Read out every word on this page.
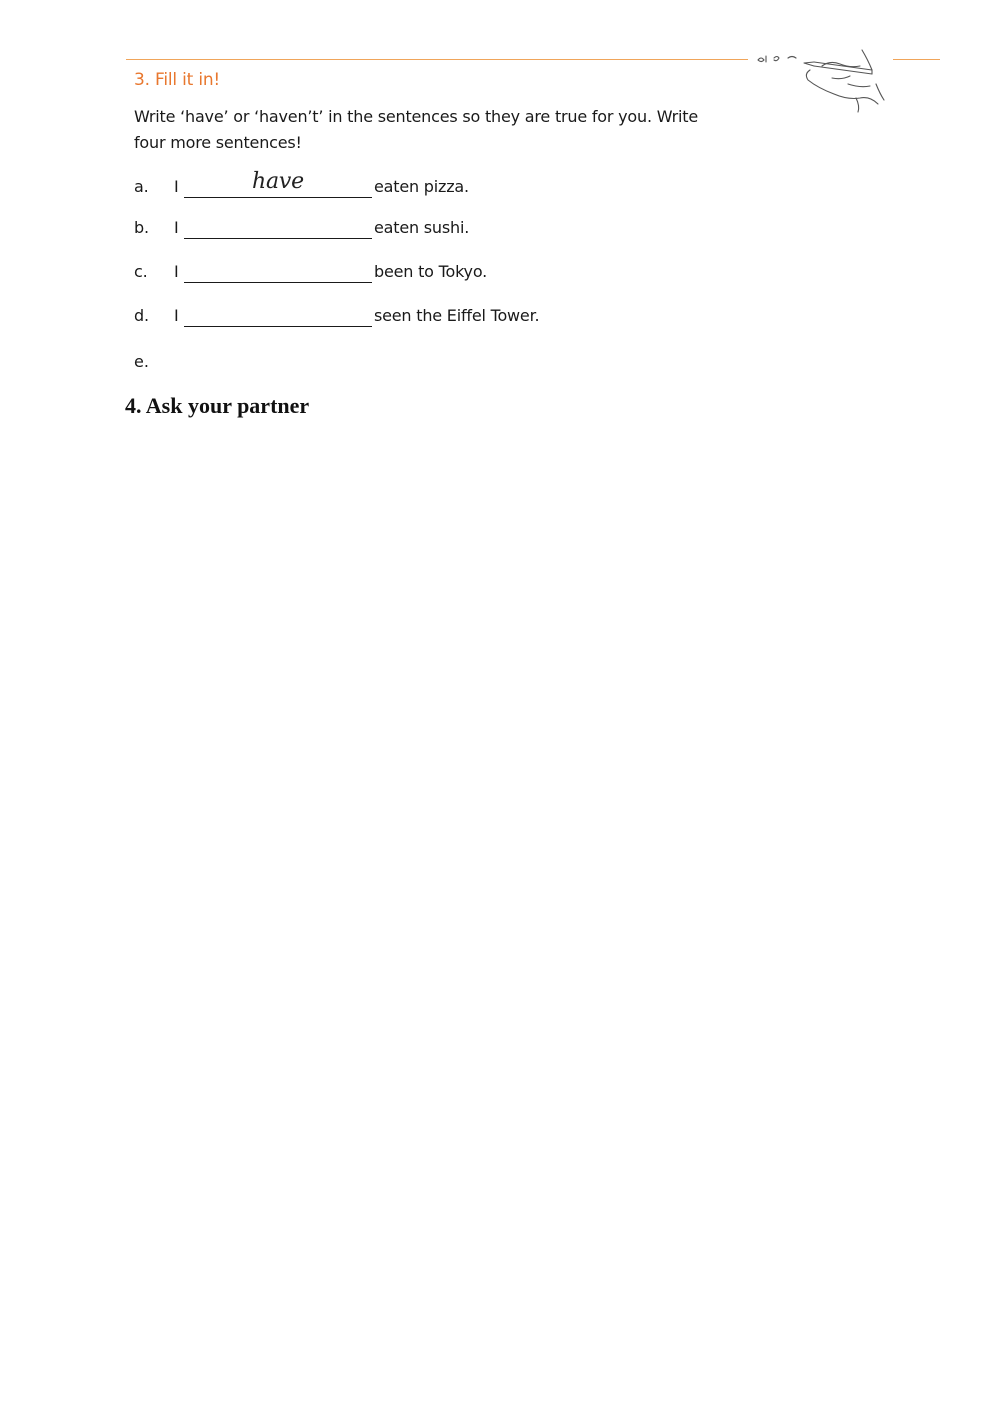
3. Fill it in!
Write ‘have’ or ‘haven’t’ in the sentences so they are true for you. Write four more sentences!
a. I	have	eaten pizza.
b. I	eaten sushi.
c. I	been to Tokyo.
d. I	seen the Eiffel Tower.
e.
4. Ask your partner
